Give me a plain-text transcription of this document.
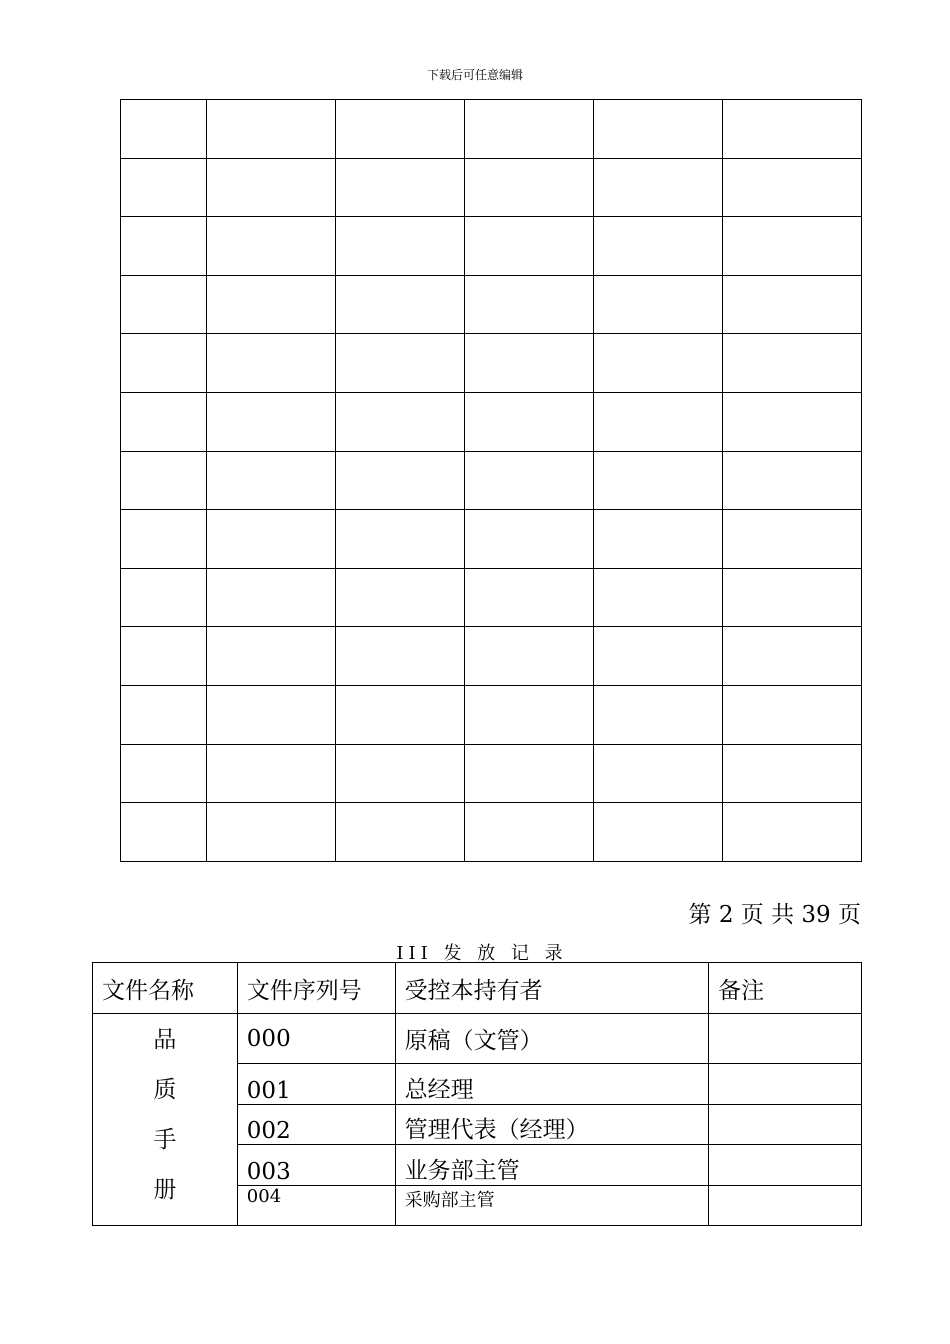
下载后可任意编辑

第 2 页 共 39 页
III 发 放 记 录
文件名称	文件序列号	受控本持有者	备注

品
质
手
册	000	原稿（文管）	
	001	总经理	
	002	管理代表（经理）	
	003	业务部主管	
	004	采购部主管	
